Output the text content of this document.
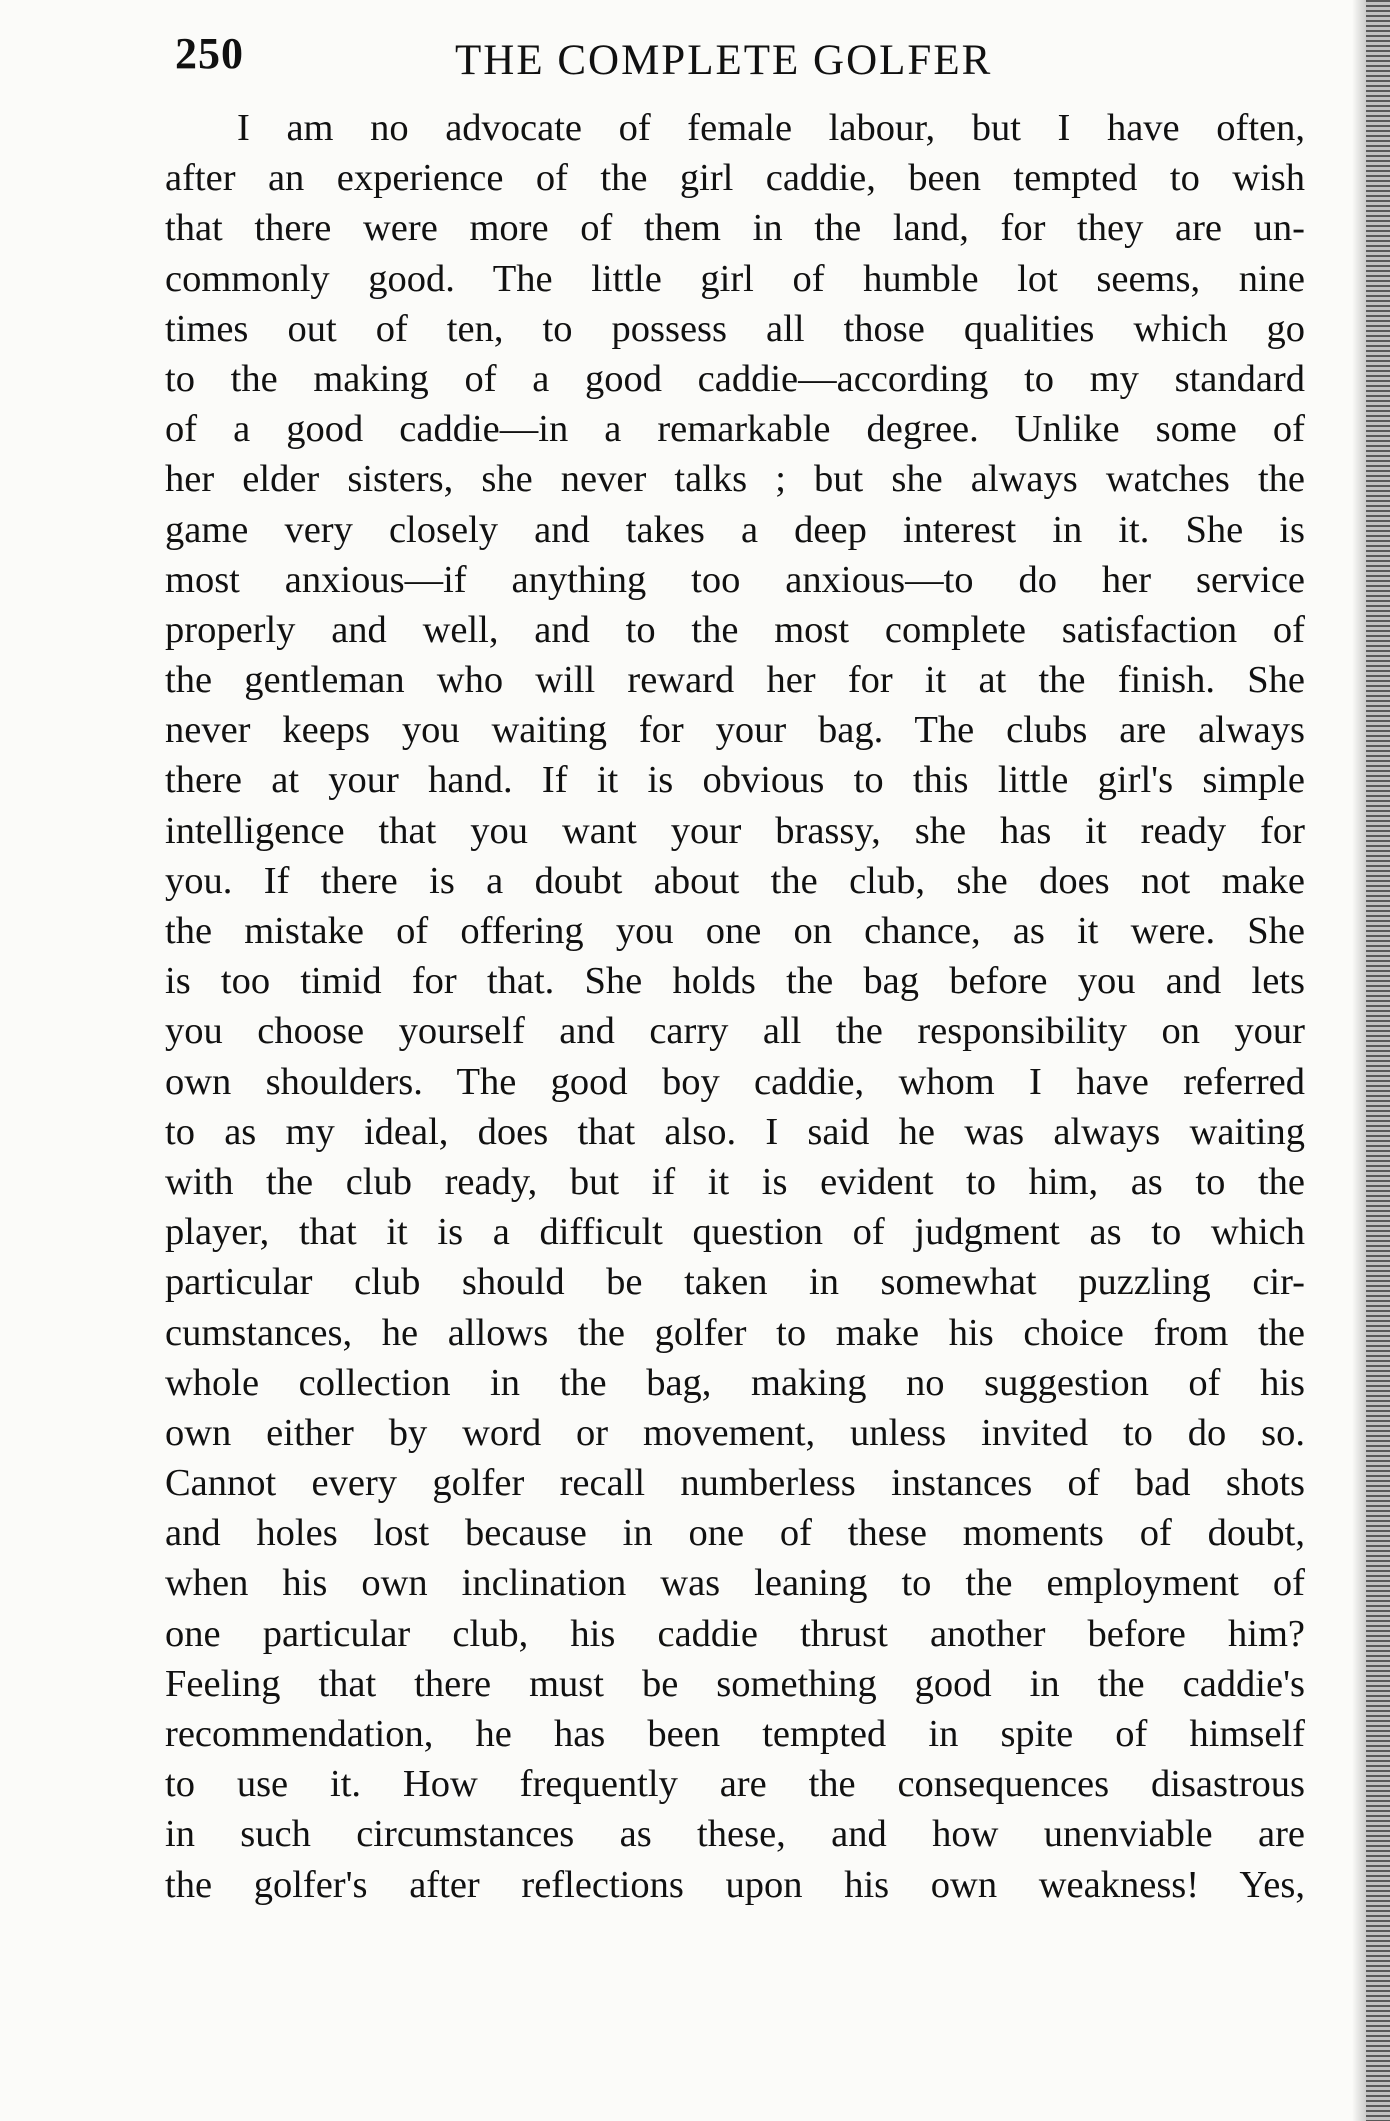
250	THE COMPLETE GOLFER
I am no advocate of female labour, but I have often,
after an experience of the girl caddie, been tempted to wish
that there were more of them in the land, for they are un-
commonly good. The little girl of humble lot seems, nine
times out of ten, to possess all those qualities which go
to the making of a good caddie—according to my standard
of a good caddie—in a remarkable degree. Unlike some of
her elder sisters, she never talks ; but she always watches the
game very closely and takes a deep interest in it. She is
most anxious—if anything too anxious—to do her service
properly and well, and to the most complete satisfaction of
the gentleman who will reward her for it at the finish. She
never keeps you waiting for your bag. The clubs are always
there at your hand. If it is obvious to this little girl's simple
intelligence that you want your brassy, she has it ready for
you. If there is a doubt about the club, she does not make
the mistake of offering you one on chance, as it were. She
is too timid for that. She holds the bag before you and lets
you choose yourself and carry all the responsibility on your
own shoulders. The good boy caddie, whom I have referred
to as my ideal, does that also. I said he was always waiting
with the club ready, but if it is evident to him, as to the
player, that it is a difficult question of judgment as to which
particular club should be taken in somewhat puzzling cir-
cumstances, he allows the golfer to make his choice from the
whole collection in the bag, making no suggestion of his
own either by word or movement, unless invited to do so.
Cannot every golfer recall numberless instances of bad shots
and holes lost because in one of these moments of doubt,
when his own inclination was leaning to the employment of
one particular club, his caddie thrust another before him?
Feeling that there must be something good in the caddie's
recommendation, he has been tempted in spite of himself
to use it. How frequently are the consequences disastrous
in such circumstances as these, and how unenviable are
the golfer's after reflections upon his own weakness! Yes,
